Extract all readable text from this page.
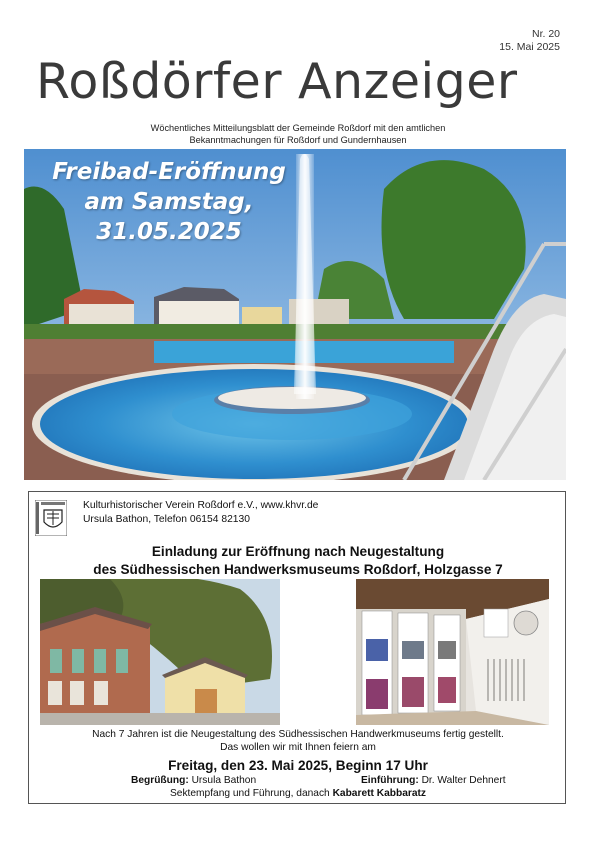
Nr. 20
15. Mai 2025
Roßdörfer Anzeiger
Wöchentliches Mitteilungsblatt der Gemeinde Roßdorf mit den amtlichen
Bekanntmachungen für Roßdorf und Gundernhausen
Freibad-Eröffnung
am Samstag,
31.05.2025
Kulturhistorischer Verein Roßdorf e.V., www.khvr.de
Ursula Bathon, Telefon 06154 82130
Einladung zur Eröffnung nach Neugestaltung
des Südhessischen Handwerksmuseums Roßdorf, Holzgasse 7
Nach 7 Jahren ist die Neugestaltung des Südhessischen Handwerkmuseums fertig gestellt.
Das wollen wir mit Ihnen feiern am
Freitag, den 23. Mai 2025, Beginn 17 Uhr
Begrüßung: Ursula Bathon	Einführung: Dr. Walter Dehnert
Sektempfang und Führung, danach Kabarett Kabbaratz
